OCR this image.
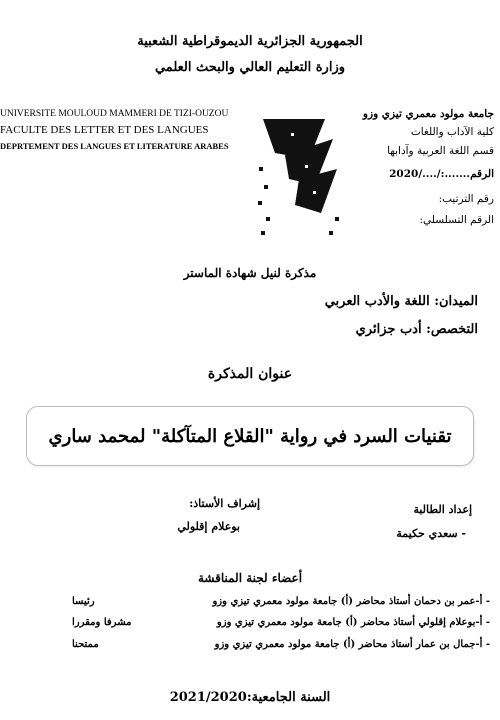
الجمهورية الجزائرية الديموقراطية الشعبية
وزارة التعليم العالي والبحث العلمي
UNIVERSITE MOULOUD MAMMERI DE TIZI-OUZOU
FACULTE DES LETTER ET DES LANGUES
DEPRTEMENT DES LANGUES ET LITERATURE ARABES
جامعة مولود معمري تيزي وزو
كلية الآداب واللغات
قسم اللغة العربية وآدابها
الرقم.......:/..../2020
رقم الترتيب:
الرقم التسلسلي:
مذكرة لنيل شهادة الماستر
الميدان: اللغة والأدب العربي
التخصص: أدب جزائري
عنوان المذكرة
تقنيات السرد في رواية "القلاع المتآكلة" لمحمد ساري
إعداد الطالبة
- سعدي حكيمة
إشراف الأستاذ:
بوعلام إقلولي
أعضاء لجنة المناقشة
- أ-عمر بن دحمان أستاذ محاضر (أ) جامعة مولود معمري تيزي وزو
رئيسا
- أ-بوعلام إقلولي أستاذ محاضر (أ) جامعة مولود معمري تيزي وزو
مشرفا ومقررا
- أ-جمال بن عمار أستاذ محاضر (أ) جامعة مولود معمري تيزي وزو
ممتحنا
السنة الجامعية:2021/2020
